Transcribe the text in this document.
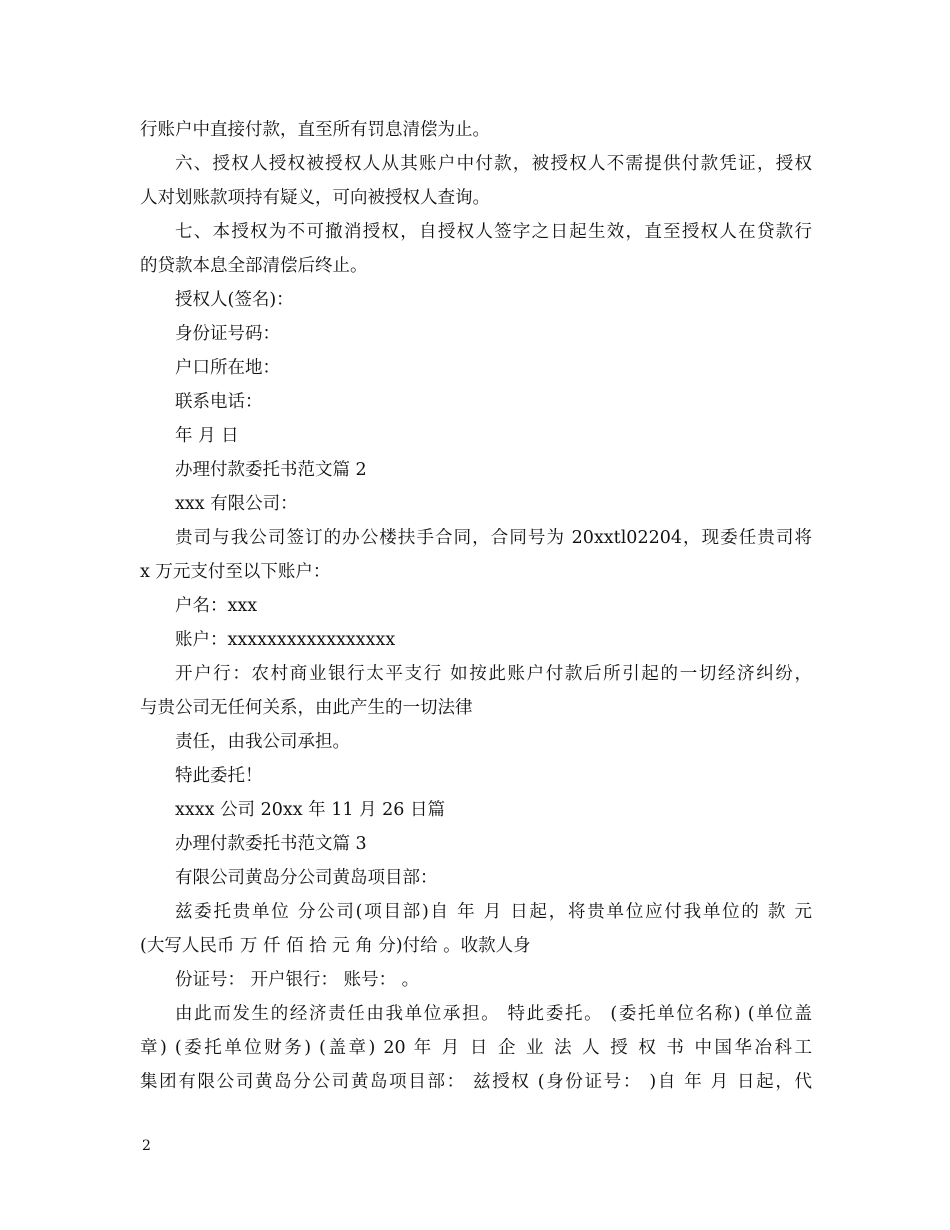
行账户中直接付款，直至所有罚息清偿为止。
六、授权人授权被授权人从其账户中付款，被授权人不需提供付款凭证，授权
人对划账款项持有疑义，可向被授权人查询。
七、本授权为不可撤消授权，自授权人签字之日起生效，直至授权人在贷款行
的贷款本息全部清偿后终止。
授权人(签名)：
身份证号码：
户口所在地：
联系电话：
年 月 日
办理付款委托书范文篇 2
xxx 有限公司：
贵司与我公司签订的办公楼扶手合同，合同号为 20xxtl02204，现委任贵司将
x 万元支付至以下账户：
户名：xxx
账户：xxxxxxxxxxxxxxxxx
开户行：农村商业银行太平支行 如按此账户付款后所引起的一切经济纠纷，
与贵公司无任何关系，由此产生的一切法律
责任，由我公司承担。
特此委托！
xxxx 公司 20xx 年 11 月 26 日篇
办理付款委托书范文篇 3
有限公司黄岛分公司黄岛项目部：
兹委托贵单位 分公司(项目部)自 年 月 日起，将贵单位应付我单位的 款 元
(大写人民币 万 仟 佰 拾 元 角 分)付给 。收款人身
份证号： 开户银行： 账号： 。
由此而发生的经济责任由我单位承担。 特此委托。 (委托单位名称) (单位盖
章) (委托单位财务) (盖章) 20 年 月 日 企 业 法 人 授 权 书 中国华冶科工
集团有限公司黄岛分公司黄岛项目部： 兹授权 (身份证号： )自 年 月 日起，代
2
